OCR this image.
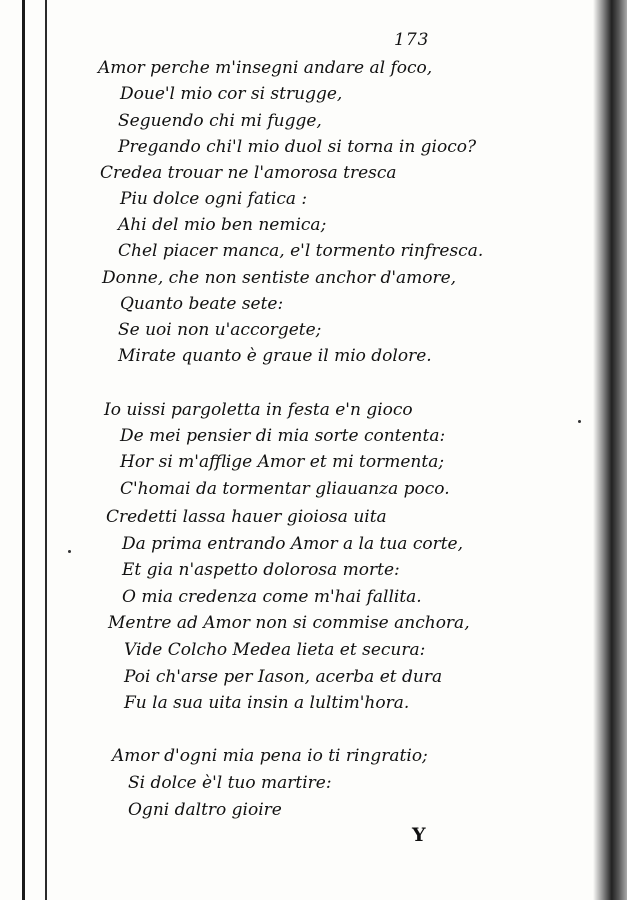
173
Amor perche m'insegni andare al foco,
Doue'l mio cor si strugge,
Seguendo chi mi fugge,
Pregando chi'l mio duol si torna in gioco?
Credea trouar ne l'amorosa tresca
Piu dolce ogni fatica :
Ahi del mio ben nemica;
Chel piacer manca, e'l tormento rinfresca.
Donne, che non sentiste anchor d'amore,
Quanto beate sete:
Se uoi non u'accorgete;
Mirate quanto è graue il mio dolore.
Io uissi pargoletta in festa e'n gioco
De mei pensier di mia sorte contenta:
Hor si m'afflige Amor et mi tormenta;
C'homai da tormentar gliauanza poco.
Credetti lassa hauer gioiosa uita
Da prima entrando Amor a la tua corte,
Et gia n'aspetto dolorosa morte:
O mia credenza come m'hai fallita.
Mentre ad Amor non si commise anchora,
Vide Colcho Medea lieta et secura:
Poi ch'arse per Iason, acerba et dura
Fu la sua uita insin a lultim'hora.
Amor d'ogni mia pena io ti ringratio;
Si dolce è'l tuo martire:
Ogni daltro gioire
Y
